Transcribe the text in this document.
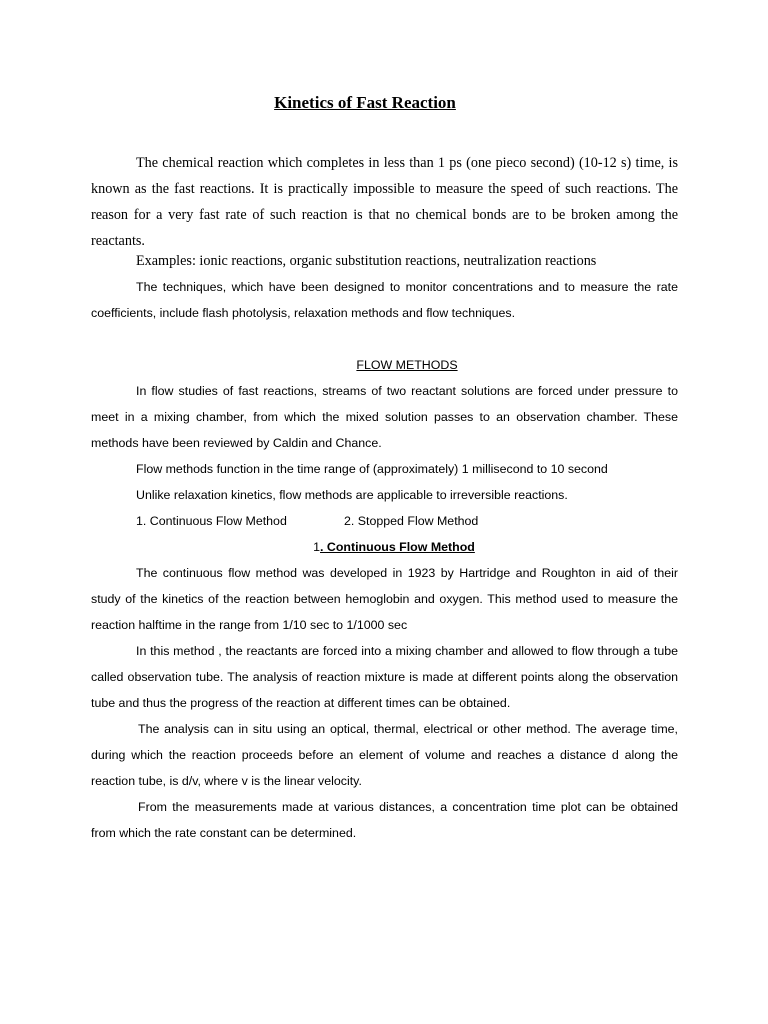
Kinetics of Fast Reaction

The chemical reaction which completes in less than 1 ps (one pieco second) (10-12 s) time, is known as the fast reactions. It is practically impossible to measure the speed of such reactions. The reason for a very fast rate of such reaction is that no chemical bonds are to be broken among the reactants.

Examples: ionic reactions, organic substitution reactions, neutralization reactions

The techniques, which have been designed to monitor concentrations and to measure the rate coefficients, include flash photolysis, relaxation methods and flow techniques.

FLOW METHODS

In flow studies of fast reactions, streams of two reactant solutions are forced under pressure to meet in a mixing chamber, from which the mixed solution passes to an observation chamber. These methods have been reviewed by Caldin and Chance.

Flow methods function in the time range of (approximately) 1 millisecond to 10 second
Unlike relaxation kinetics, flow methods are applicable to irreversible reactions.
1. Continuous Flow Method	2. Stopped Flow Method
1. Continuous Flow Method

The continuous flow method was developed in 1923 by Hartridge and Roughton in aid of their study of the kinetics of the reaction between hemoglobin and oxygen. This method used to measure the reaction halftime in the range from 1/10 sec to 1/1000 sec

In this method , the reactants are forced into a mixing chamber and allowed to flow through a tube called observation tube. The analysis of reaction mixture is made at different points along the observation tube and thus the progress of the reaction at different times can be obtained.

The analysis can in situ using an optical, thermal, electrical or other method. The average time, during which the reaction proceeds before an element of volume and reaches a distance d along the reaction tube, is d/v, where v is the linear velocity.

From the measurements made at various distances, a concentration time plot can be obtained from which the rate constant can be determined.
